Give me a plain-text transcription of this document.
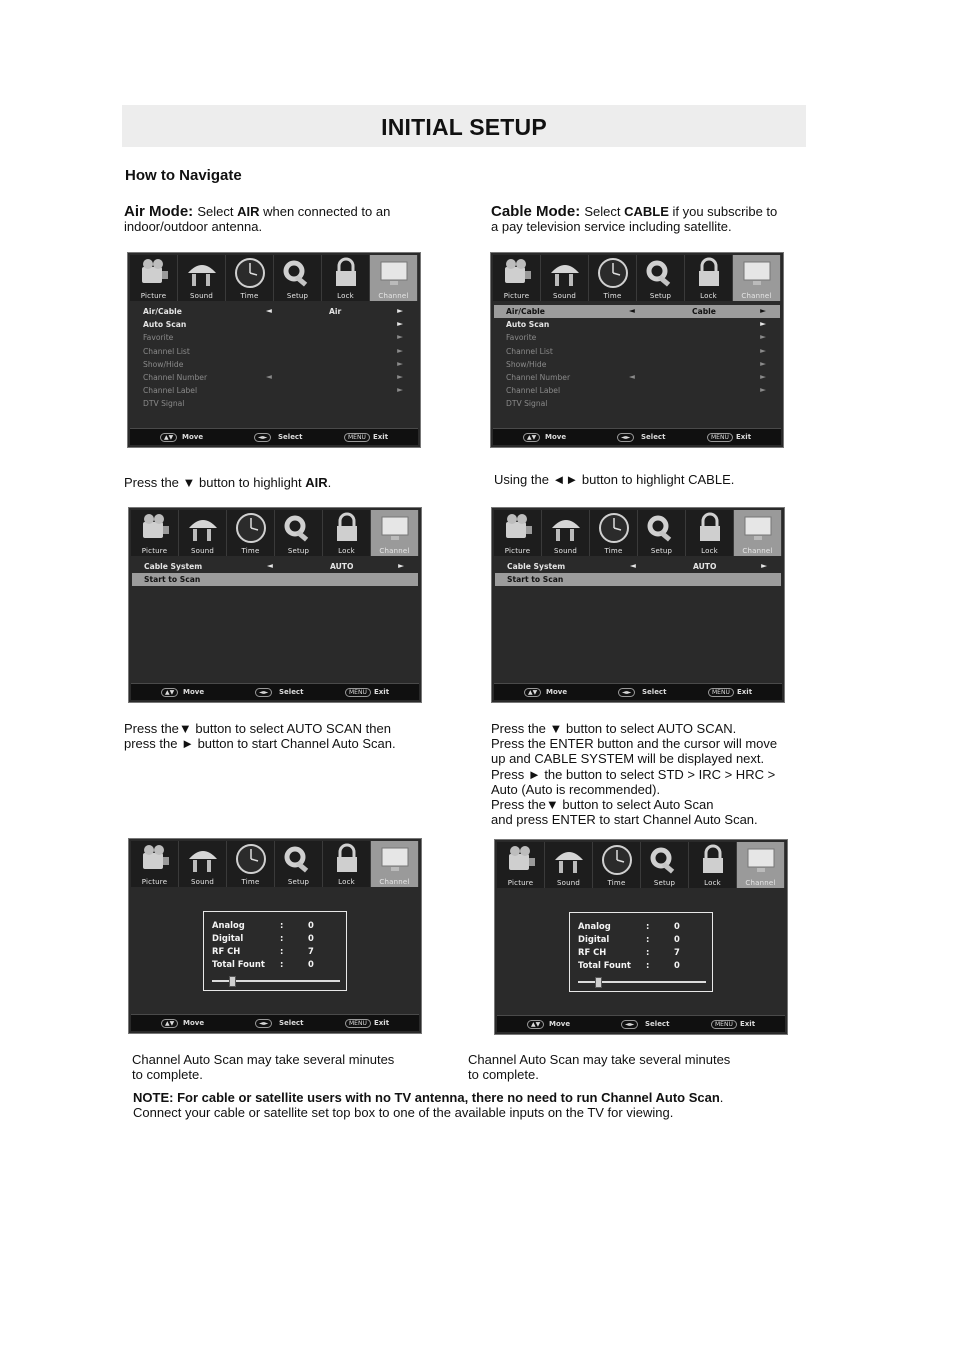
INITIAL SETUP
How to Navigate
Air Mode: Select AIR when connected to an
indoor/outdoor antenna.
Cable Mode: Select CABLE if you subscribe to
a pay television service including satellite.
Picture	Sound	Time	Setup	Lock	Channel
Air/Cable	◄	Air	►
Auto Scan	►
Favorite	►
Channel List	►
Show/Hide	►
Channel Number	◄	►
Channel Label	►
DTV Signal
▲▼	Move	◄►	Select	MENU	Exit
Picture	Sound	Time	Setup	Lock	Channel
Air/Cable	◄	Cable	►
Auto Scan	►
Favorite	►
Channel List	►
Show/Hide	►
Channel Number	◄	►
Channel Label	►
DTV Signal
▲▼	Move	◄►	Select	MENU	Exit
Press the ▼ button to highlight AIR.	Using the ◄► button to highlight CABLE.
Picture	Sound	Time	Setup	Lock	Channel
Cable System	◄	AUTO	►
Start to Scan
▲▼	Move	◄►	Select	MENU	Exit
Picture	Sound	Time	Setup	Lock	Channel
Cable System	◄	AUTO	►
Start to Scan
▲▼	Move	◄►	Select	MENU	Exit
Press the▼ button to select AUTO SCAN then
press the ► button to start Channel Auto Scan.
Press the ▼ button to select AUTO SCAN.
Press the ENTER button and the cursor will move
up and CABLE SYSTEM will be displayed next.
Press ► the button to select STD > IRC > HRC >
Auto (Auto is recommended).
Press the▼ button to select Auto Scan
and press ENTER to start Channel Auto Scan.
Picture	Sound	Time	Setup	Lock	Channel
Analog	:	0
Digital	:	0
RF CH	:	7
Total Fount :	0
▲▼	Move	◄►	Select	MENU	Exit
Picture	Sound	Time	Setup	Lock	Channel
Analog	:	0
Digital	:	0
RF CH	:	7
Total Fount :	0
▲▼	Move	◄►	Select	MENU	Exit
Channel Auto Scan may take several minutes
to complete.
Channel Auto Scan may take several minutes
to complete.
NOTE: For cable or satellite users with no TV antenna, there no need to run Channel Auto Scan.
Connect your cable or satellite set top box to one of the available inputs on the TV for viewing.
